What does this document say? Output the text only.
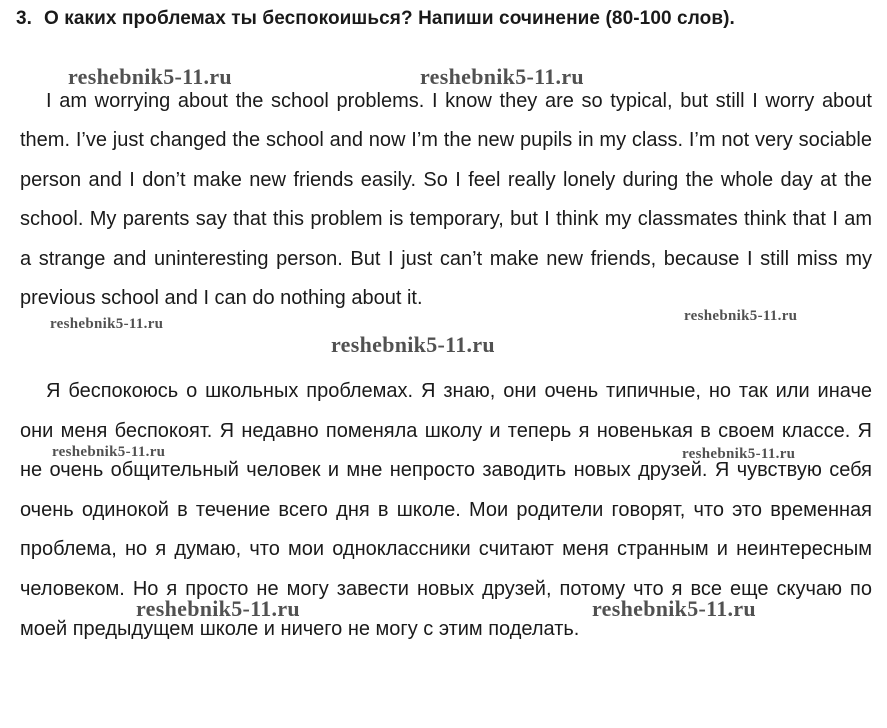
3. О каких проблемах ты беспокоишься? Напиши сочинение (80-100 слов).

I am worrying about the school problems. I know they are so typical, but still I worry about them. I’ve just changed the school and now I’m the new pupils in my class. I’m not very sociable person and I don’t make new friends easily. So I feel really lonely during the whole day at the school. My parents say that this problem is temporary, but I think my classmates think that I am a strange and uninteresting person. But I just can’t make new friends, because I still miss my previous school and I can do nothing about it.

Я беспокоюсь о школьных проблемах. Я знаю, они очень типичные, но так или иначе они меня беспокоят. Я недавно поменяла школу и теперь я новенькая в своем классе. Я не очень общительный человек и мне непросто заводить новых друзей. Я чувствую себя очень одинокой в течение всего дня в школе. Мои родители говорят, что это временная проблема, но я думаю, что мои одноклассники считают меня странным и неинтересным человеком. Но я просто не могу завести новых друзей, потому что я все еще скучаю по моей предыдущем школе и ничего не могу с этим поделать.

reshebnik5-11.ru	reshebnik5-11.ru
reshebnik5-11.ru	reshebnik5-11.ru
reshebnik5-11.ru
reshebnik5-11.ru	reshebnik5-11.ru
reshebnik5-11.ru	reshebnik5-11.ru
